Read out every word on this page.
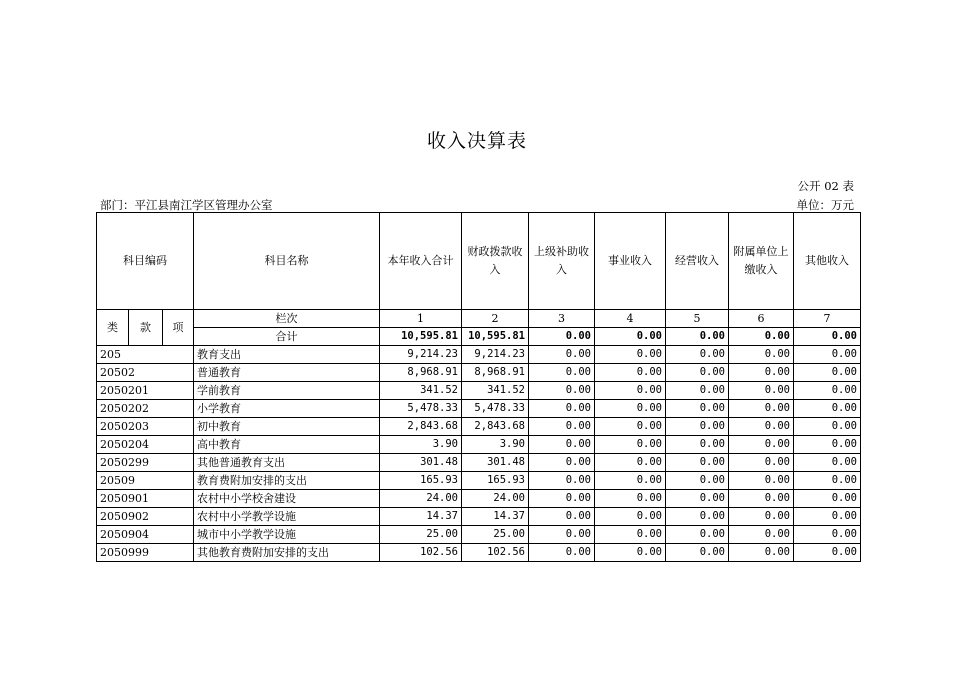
收入决算表
公开 02 表
部门：平江县南江学区管理办公室	单位：万元
科目编码			科目名称	本年收入合计	财政拨款收入	上级补助收入	事业收入	经营收入	附属单位上缴收入	其他收入
类	款	项	栏次	1	2	3	4	5	6	7
			合计	10,595.81	10,595.81	0.00	0.00	0.00	0.00	0.00
205			教育支出	9,214.23	9,214.23	0.00	0.00	0.00	0.00	0.00
20502			普通教育	8,968.91	8,968.91	0.00	0.00	0.00	0.00	0.00
2050201			学前教育	341.52	341.52	0.00	0.00	0.00	0.00	0.00
2050202			小学教育	5,478.33	5,478.33	0.00	0.00	0.00	0.00	0.00
2050203			初中教育	2,843.68	2,843.68	0.00	0.00	0.00	0.00	0.00
2050204			高中教育	3.90	3.90	0.00	0.00	0.00	0.00	0.00
2050299			其他普通教育支出	301.48	301.48	0.00	0.00	0.00	0.00	0.00
20509			教育费附加安排的支出	165.93	165.93	0.00	0.00	0.00	0.00	0.00
2050901			农村中小学校舍建设	24.00	24.00	0.00	0.00	0.00	0.00	0.00
2050902			农村中小学教学设施	14.37	14.37	0.00	0.00	0.00	0.00	0.00
2050904			城市中小学教学设施	25.00	25.00	0.00	0.00	0.00	0.00	0.00
2050999			其他教育费附加安排的支出	102.56	102.56	0.00	0.00	0.00	0.00	0.00
